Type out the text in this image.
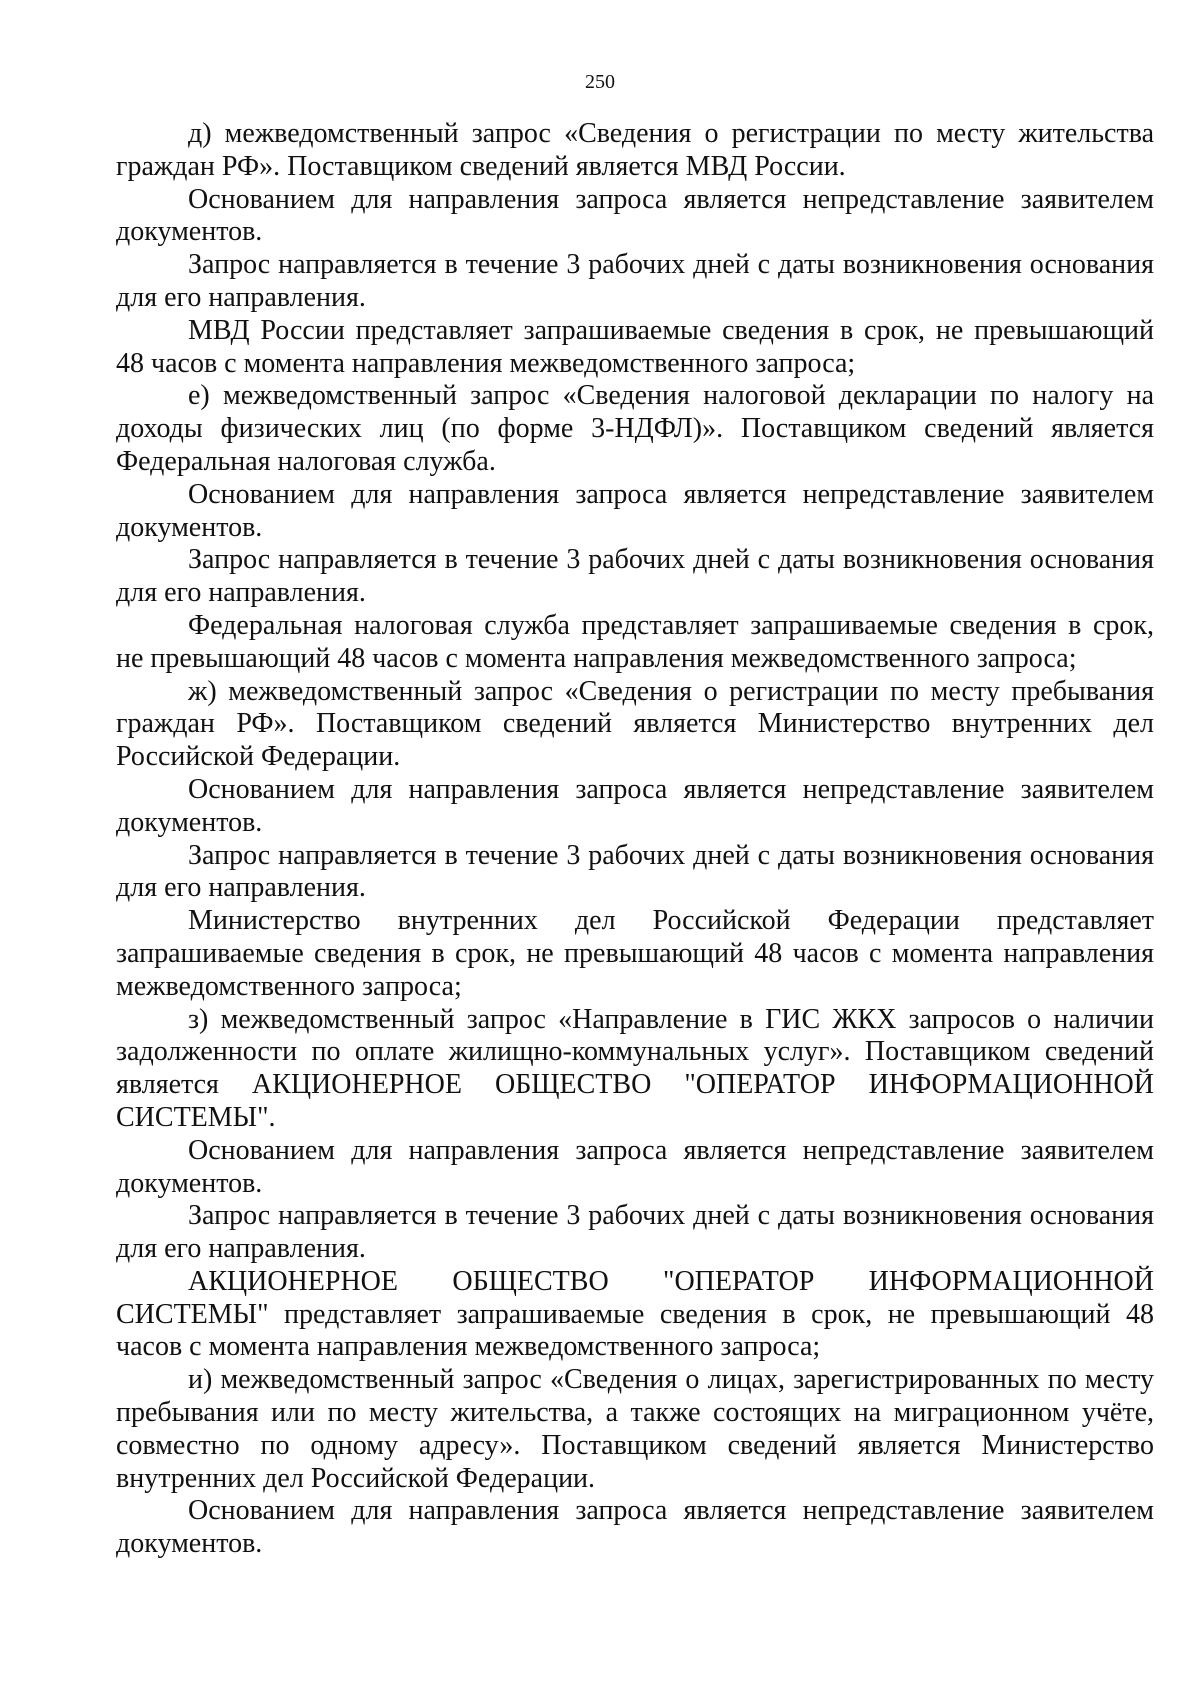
250

д) межведомственный запрос «Сведения о регистрации по месту жительства граждан РФ». Поставщиком сведений является МВД России.

Основанием для направления запроса является непредставление заявителем документов.

Запрос направляется в течение 3 рабочих дней с даты возникновения основания для его направления.

МВД России представляет запрашиваемые сведения в срок, не превышающий 48 часов с момента направления межведомственного запроса;

е) межведомственный запрос «Сведения налоговой декларации по налогу на доходы физических лиц (по форме 3-НДФЛ)». Поставщиком сведений является Федеральная налоговая служба.

Основанием для направления запроса является непредставление заявителем документов.

Запрос направляется в течение 3 рабочих дней с даты возникновения основания для его направления.

Федеральная налоговая служба представляет запрашиваемые сведения в срок, не превышающий 48 часов с момента направления межведомственного запроса;

ж) межведомственный запрос «Сведения о регистрации по месту пребывания граждан РФ». Поставщиком сведений является Министерство внутренних дел Российской Федерации.

Основанием для направления запроса является непредставление заявителем документов.

Запрос направляется в течение 3 рабочих дней с даты возникновения основания для его направления.

Министерство внутренних дел Российской Федерации представляет запрашиваемые сведения в срок, не превышающий 48 часов с момента направления межведомственного запроса;

з) межведомственный запрос «Направление в ГИС ЖКХ запросов о наличии задолженности по оплате жилищно-коммунальных услуг». Поставщиком сведений является АКЦИОНЕРНОЕ ОБЩЕСТВО "ОПЕРАТОР ИНФОРМАЦИОННОЙ СИСТЕМЫ".

Основанием для направления запроса является непредставление заявителем документов.

Запрос направляется в течение 3 рабочих дней с даты возникновения основания для его направления.

АКЦИОНЕРНОЕ ОБЩЕСТВО "ОПЕРАТОР ИНФОРМАЦИОННОЙ СИСТЕМЫ" представляет запрашиваемые сведения в срок, не превышающий 48 часов с момента направления межведомственного запроса;

и) межведомственный запрос «Сведения о лицах, зарегистрированных по месту пребывания или по месту жительства, а также состоящих на миграционном учёте, совместно по одному адресу». Поставщиком сведений является Министерство внутренних дел Российской Федерации.

Основанием для направления запроса является непредставление заявителем документов.
